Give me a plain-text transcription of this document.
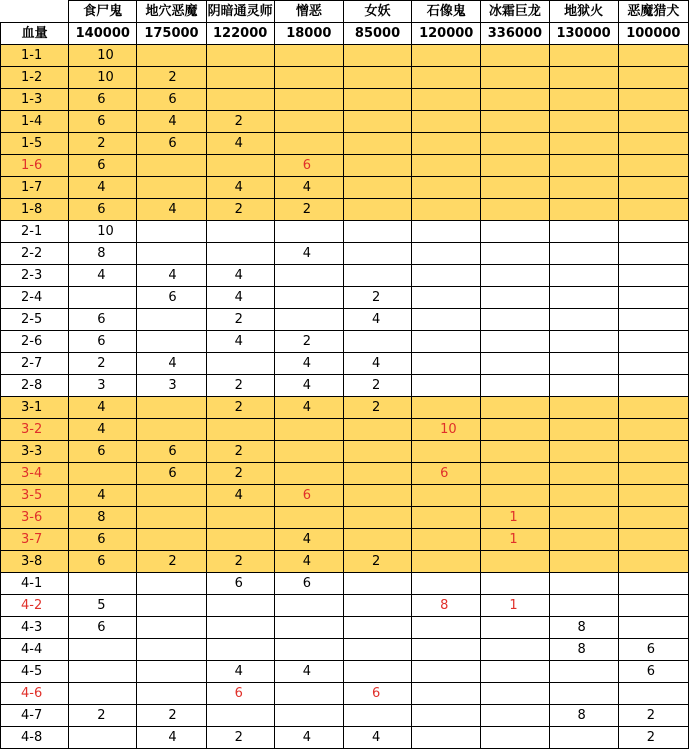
	食尸鬼	地穴恶魔	阴暗通灵师	憎恶	女妖	石像鬼	冰霜巨龙	地狱火	恶魔猎犬
血量	140000	175000	122000	18000	85000	120000	336000	130000	100000
1-1	10								
1-2	10	2							
1-3	6	6							
1-4	6	4	2						
1-5	2	6	4						
1-6	6			6					
1-7	4		4	4					
1-8	6	4	2	2					
2-1	10								
2-2	8			4					
2-3	4	4	4						
2-4		6	4		2				
2-5	6		2		4				
2-6	6		4	2					
2-7	2	4		4	4				
2-8	3	3	2	4	2				
3-1	4		2	4	2				
3-2	4					10			
3-3	6	6	2						
3-4		6	2			6			
3-5	4		4	6					
3-6	8						1		
3-7	6			4			1		
3-8	6	2	2	4	2				
4-1			6	6					
4-2	5					8	1		
4-3	6							8	
4-4								8	6
4-5			4	4					6
4-6			6		6				
4-7	2	2						8	2
4-8		4	2	4	4				2
